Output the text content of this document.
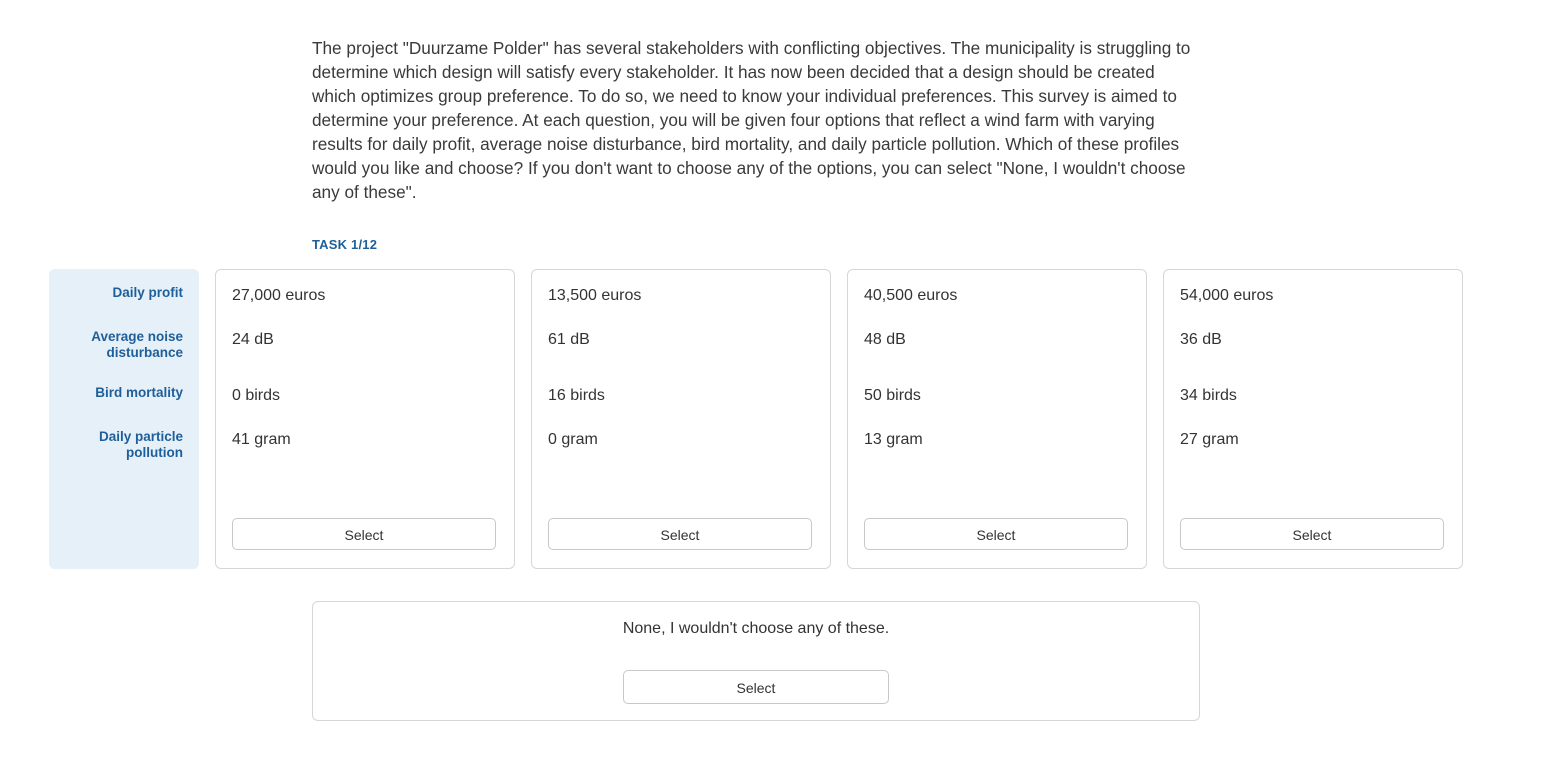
The project "Duurzame Polder" has several stakeholders with conflicting objectives. The municipality is struggling to determine which design will satisfy every stakeholder. It has now been decided that a design should be created which optimizes group preference. To do so, we need to know your individual preferences. This survey is aimed to determine your preference. At each question, you will be given four options that reflect a wind farm with varying results for daily profit, average noise disturbance, bird mortality, and daily particle pollution. Which of these profiles would you like and choose? If you don't want to choose any of the options, you can select "None, I wouldn't choose any of these".

TASK 1/12
Daily profit
Average noise disturbance
Bird mortality
Daily particle pollution
27,000 euros
24 dB
0 birds
41 gram
Select
13,500 euros
61 dB
16 birds
0 gram
Select
40,500 euros
48 dB
50 birds
13 gram
Select
54,000 euros
36 dB
34 birds
27 gram
Select
None, I wouldn't choose any of these.
Select
